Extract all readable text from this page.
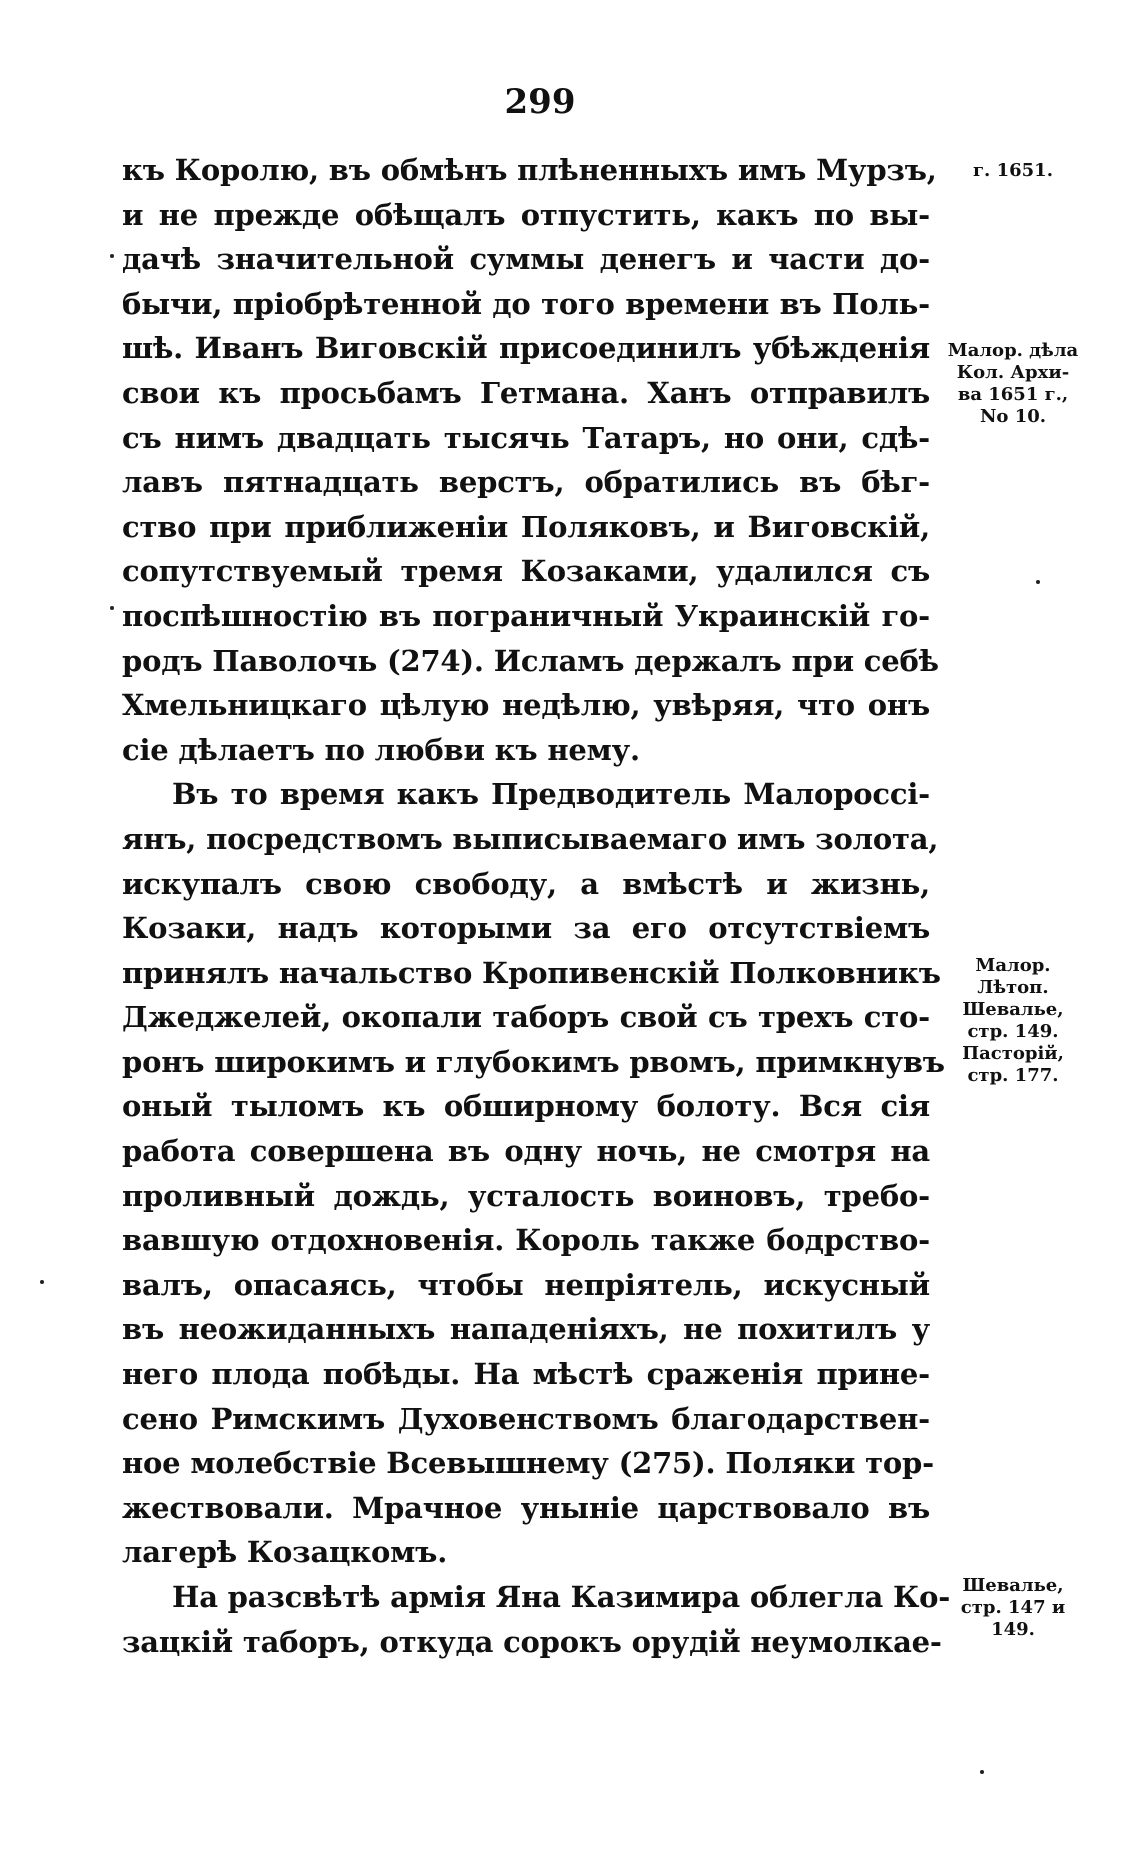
299
къ Королю, въ обмѣнъ плѣненныхъ имъ Мурзъ,
и не прежде обѣщалъ отпустить, какъ по вы-
дачѣ значительной суммы денегъ и части до-
бычи, пріобрѣтенной до того времени въ Поль-
шѣ. Иванъ Виговскій присоединилъ убѣжденія
свои къ просьбамъ Гетмана. Ханъ отправилъ
съ нимъ двадцать тысячь Татаръ, но они, сдѣ-
лавъ пятнадцать верстъ, обратились въ бѣг-
ство при приближеніи Поляковъ, и Виговскій,
сопутствуемый тремя Козаками, удалился съ
поспѣшностію въ пограничный Украинскій го-
родъ Паволочь (274). Исламъ держалъ при себѣ
Хмельницкаго цѣлую недѣлю, увѣряя, что онъ
сіе дѣлаетъ по любви къ нему.
Въ то время какъ Предводитель Малороссі-
янъ, посредствомъ выписываемаго имъ золота,
искупалъ свою свободу, а вмѣстѣ и жизнь,
Козаки, надъ которыми за его отсутствіемъ
принялъ начальство Кропивенскій Полковникъ
Джеджелей, окопали таборъ свой съ трехъ сто-
ронъ широкимъ и глубокимъ рвомъ, примкнувъ
оный тыломъ къ обширному болоту. Вся сія
работа совершена въ одну ночь, не смотря на
проливный дождь, усталость воиновъ, требо-
вавшую отдохновенія. Король также бодрство-
валъ, опасаясь, чтобы непріятель, искусный
въ неожиданныхъ нападеніяхъ, не похитилъ у
него плода побѣды. На мѣстѣ сраженія прине-
сено Римскимъ Духовенствомъ благодарствен-
ное молебствіе Всевышнему (275). Поляки тор-
жествовали. Мрачное уныніе царствовало въ
лагерѣ Козацкомъ.
На разсвѣтѣ армія Яна Казимира облегла Ко-
зацкій таборъ, откуда сорокъ орудій неумолкае-
г. 1651.
Малор. дѣла
Кол. Архи-
ва 1651 г.,
No 10.
Малор.
Лѣтоп.
Шевалье,
стр. 149.
Пасторій,
стр. 177.
Шевалье,
стр. 147 и
149.
